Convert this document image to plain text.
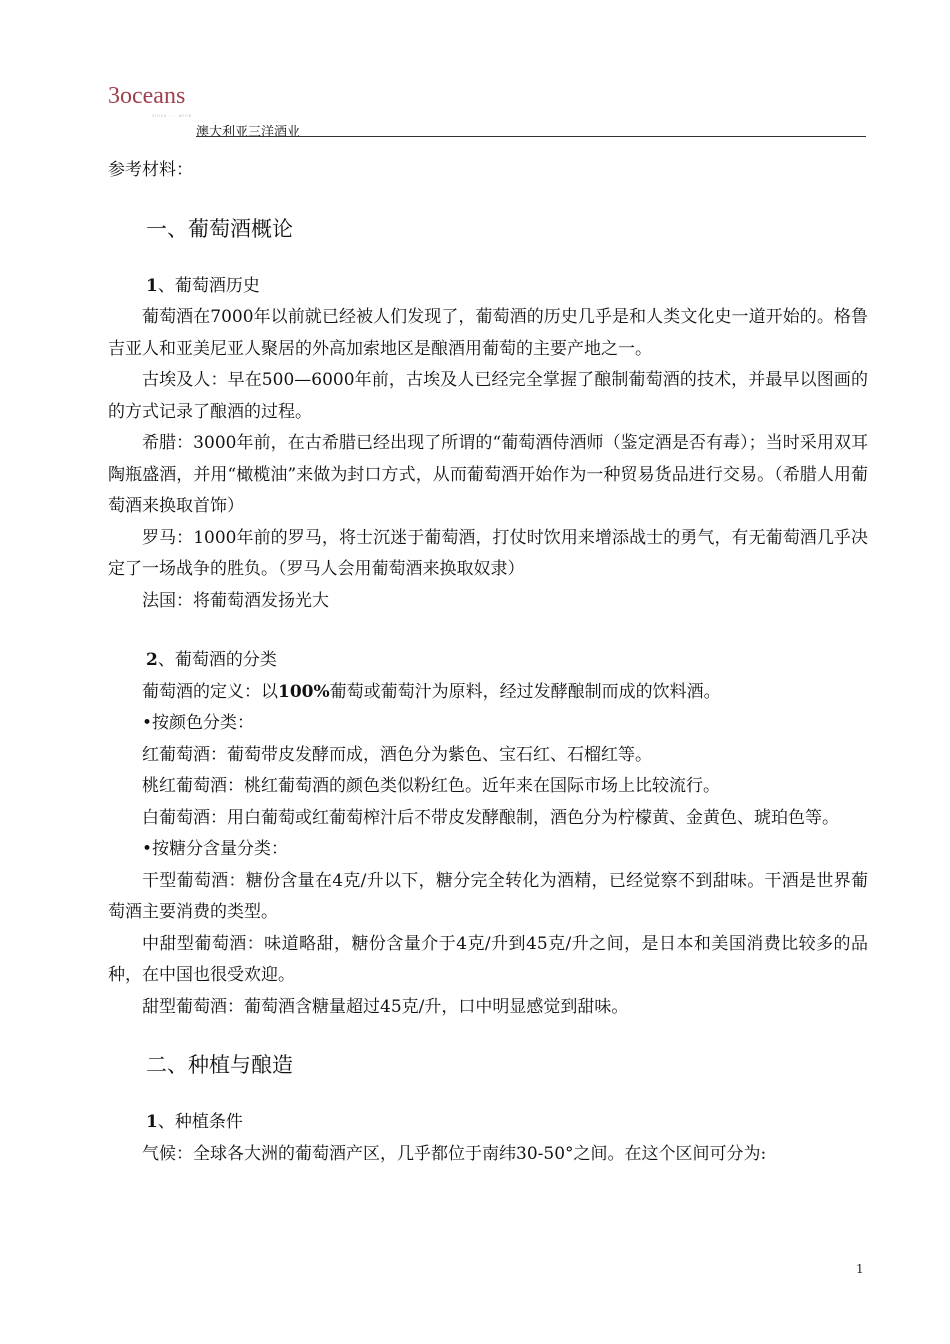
3oceans
since ... wine
澳大利亚三洋酒业

参考材料：

一、葡萄酒概论

1、葡萄酒历史

葡萄酒在7000年以前就已经被人们发现了，葡萄酒的历史几乎是和人类文化史一道开始的。格鲁吉亚人和亚美尼亚人聚居的外高加索地区是酿酒用葡萄的主要产地之一。

古埃及人：早在500—6000年前，古埃及人已经完全掌握了酿制葡萄酒的技术，并最早以图画的的方式记录了酿酒的过程。

希腊：3000年前，在古希腊已经出现了所谓的“葡萄酒侍酒师（鉴定酒是否有毒）；当时采用双耳陶瓶盛酒，并用“橄榄油”来做为封口方式，从而葡萄酒开始作为一种贸易货品进行交易。（希腊人用葡萄酒来换取首饰）

罗马：1000年前的罗马，将士沉迷于葡萄酒，打仗时饮用来增添战士的勇气，有无葡萄酒几乎决定了一场战争的胜负。（罗马人会用葡萄酒来换取奴隶）

法国：将葡萄酒发扬光大

2、葡萄酒的分类

葡萄酒的定义：以100%葡萄或葡萄汁为原料，经过发酵酿制而成的饮料酒。

•按颜色分类：

红葡萄酒：葡萄带皮发酵而成，酒色分为紫色、宝石红、石榴红等。

桃红葡萄酒：桃红葡萄酒的颜色类似粉红色。近年来在国际市场上比较流行。

白葡萄酒：用白葡萄或红葡萄榨汁后不带皮发酵酿制，酒色分为柠檬黄、金黄色、琥珀色等。

•按糖分含量分类：

干型葡萄酒：糖份含量在4克/升以下，糖分完全转化为酒精，已经觉察不到甜味。干酒是世界葡萄酒主要消费的类型。

中甜型葡萄酒：味道略甜，糖份含量介于4克/升到45克/升之间，是日本和美国消费比较多的品种，在中国也很受欢迎。

甜型葡萄酒：葡萄酒含糖量超过45克/升，口中明显感觉到甜味。

二、种植与酿造

1、种植条件

气候：全球各大洲的葡萄酒产区，几乎都位于南纬30-50°之间。在这个区间可分为:

1
